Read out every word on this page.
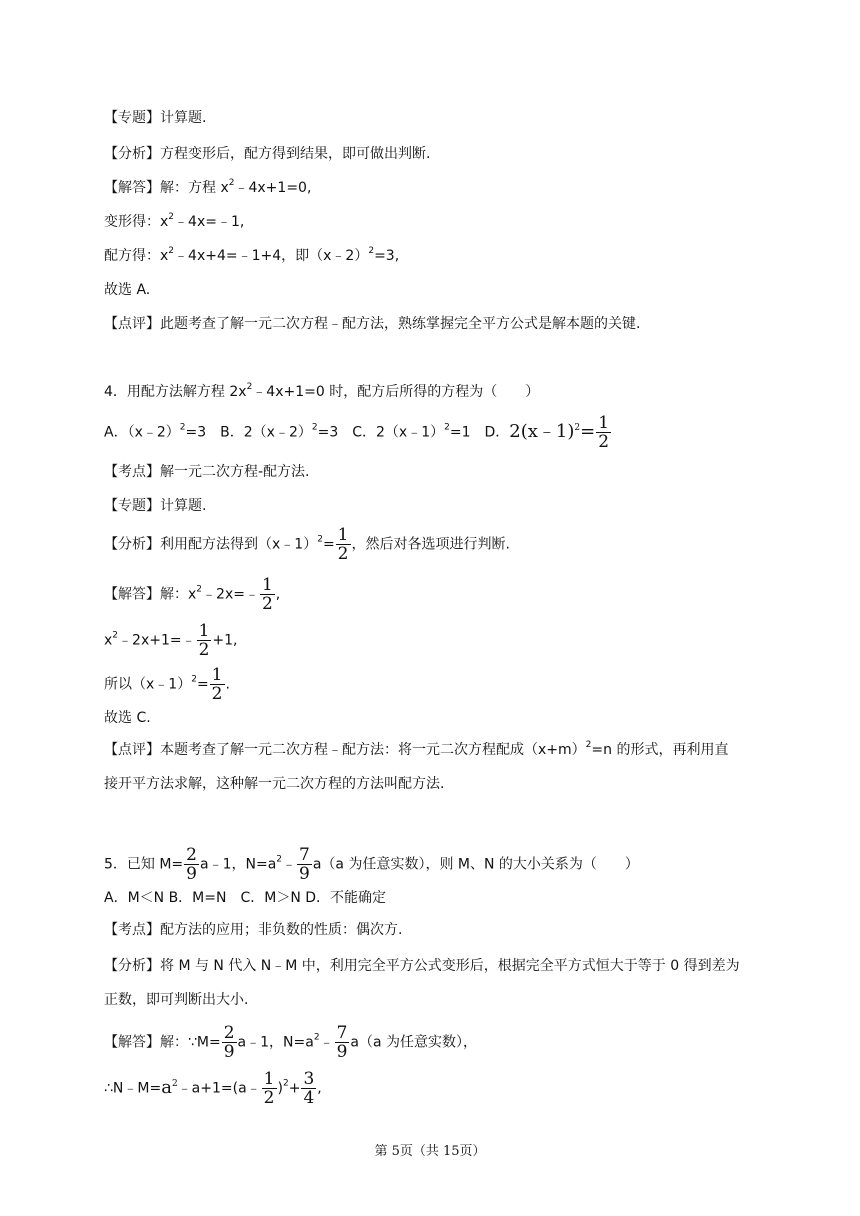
【专题】计算题.
【分析】方程变形后，配方得到结果，即可做出判断.
【解答】解：方程 $x^2﹣4x+1=0$,
变形得：$x^2﹣4x=﹣1$,
配方得：$x^2﹣4x+4=﹣1+4$，即（x﹣2）$^2$=3,
故选 A.
【点评】此题考查了解一元二次方程﹣配方法，熟练掌握完全平方公式是解本题的关键.
4．用配方法解方程 $2x^2﹣4x+1=0$ 时，配方后所得的方程为（　　）
A．（x﹣2）$^2$=3　B．2（x﹣2）$^2$=3　C．2（x﹣1）$^2$=1　D．2(x﹣1)$^2$= $\frac{1}{2}$
【考点】解一元二次方程-配方法.
【专题】计算题.
【分析】利用配方法得到（x﹣1）$^2$= $\frac{1}{2}$ ，然后对各选项进行判断.
【解答】解：$x^2﹣2x=﹣ \frac{1}{2}$ ,
$x^2﹣2x+1=﹣ \frac{1}{2} +1$,
所以（x﹣1）$^2$= $\frac{1}{2}$ .
故选 C.
【点评】本题考查了解一元二次方程﹣配方法：将一元二次方程配成$(x+m)^2=n$ 的形式，再利用直
接开平方法求解，这种解一元二次方程的方法叫配方法.
5．已知 $M= \frac{2}{9}$ a﹣1，$N=a^2﹣ \frac{7}{9} a(a$ 为任意实数），则 M、N 的大小关系为（　　）
A．M＜N B．M=N　C．M＞N D．不能确定
【考点】配方法的应用；非负数的性质：偶次方.
【分析】将 M 与 N 代入 N﹣M 中，利用完全平方公式变形后，根据完全平方式恒大于等于 0 得到差为
正数，即可判断出大小.
【解答】解：∵M= $\frac{2}{9}$ a﹣1，$N=a^2﹣ \frac{7}{9} a(a$ 为任意实数），
$\therefore N﹣M=a^2﹣a+1=(a﹣ \frac{1}{2} )^2+ \frac{3}{4}$ ,
第 5页（共 15页）
